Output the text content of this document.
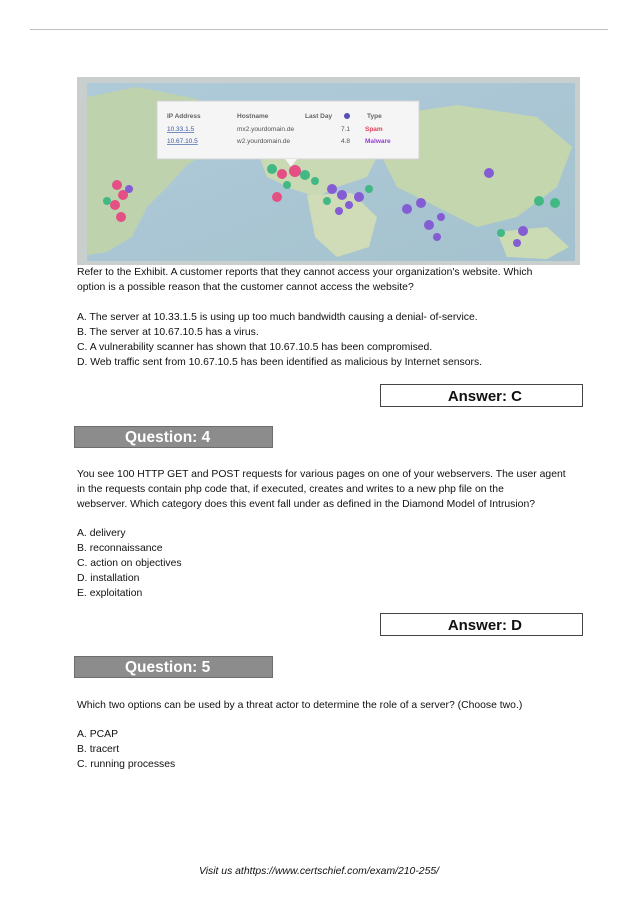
IP Address	Hostname	Last Day	Type
10.33.1.5	mx2.yourdomain.de	7.1 Spam
10.67.10.5	w2.yourdomain.de	4.8 Malware
Refer to the Exhibit. A customer reports that they cannot access your organization's website. Which
option is a possible reason that the customer cannot access the website?
A. The server at 10.33.1.5 is using up too much bandwidth causing a denial- of-service.
B. The server at 10.67.10.5 has a virus.
C. A vulnerability scanner has shown that 10.67.10.5 has been compromised.
D. Web traffic sent from 10.67.10.5 has been identified as malicious by Internet sensors.
Answer: C
Question: 4
You see 100 HTTP GET and POST requests for various pages on one of your webservers. The user agent
in the requests contain php code that, if executed, creates and writes to a new php file on the
webserver. Which category does this event fall under as defined in the Diamond Model of Intrusion?
A. delivery
B. reconnaissance
C. action on objectives
D. installation
E. exploitation
Answer: D
Question: 5
Which two options can be used by a threat actor to determine the role of a server? (Choose two.)
A. PCAP
B. tracert
C. running processes
Visit us athttps://www.certschief.com/exam/210-255/
